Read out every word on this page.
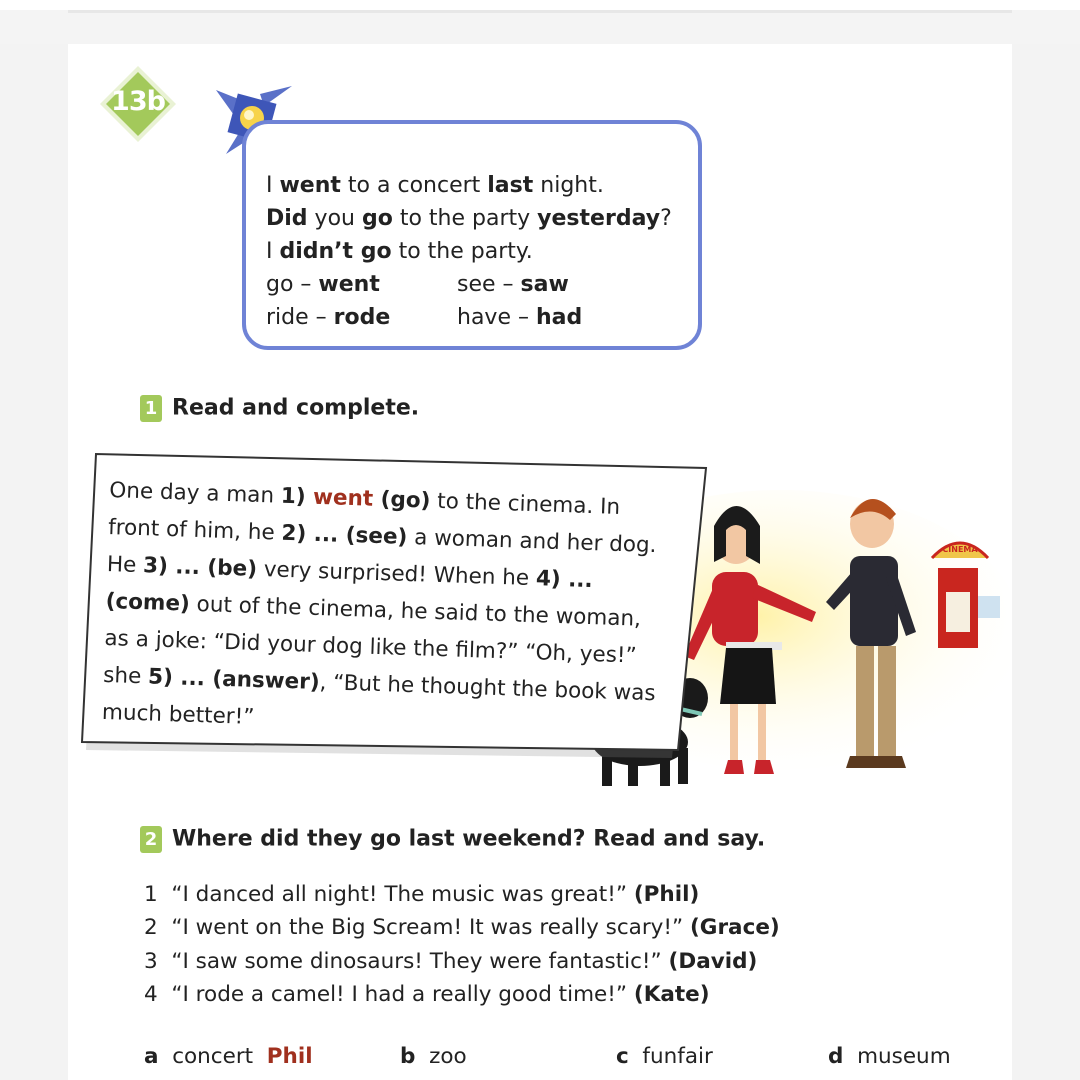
13b
I went to a concert last night.
Did you go to the party yesterday?
I didn’t go to the party.
go – went	see – saw
ride – rode	have – had
1 Read and complete.
CINEMA
One day a man 1) went (go) to the cinema. In front of him, he 2) ... (see) a woman and her dog. He 3) ... (be) very surprised! When he 4) ... (come) out of the cinema, he said to the woman, as a joke: “Did your dog like the film?” “Oh, yes!” she 5) ... (answer), “But he thought the book was much better!”
2 Where did they go last weekend? Read and say.
1 “I danced all night! The music was great!” (Phil)
2 “I went on the Big Scream! It was really scary!” (Grace)
3 “I saw some dinosaurs! They were fantastic!” (David)
4 “I rode a camel! I had a really good time!” (Kate)
a concert Phil	b zoo	c funfair	d museum
